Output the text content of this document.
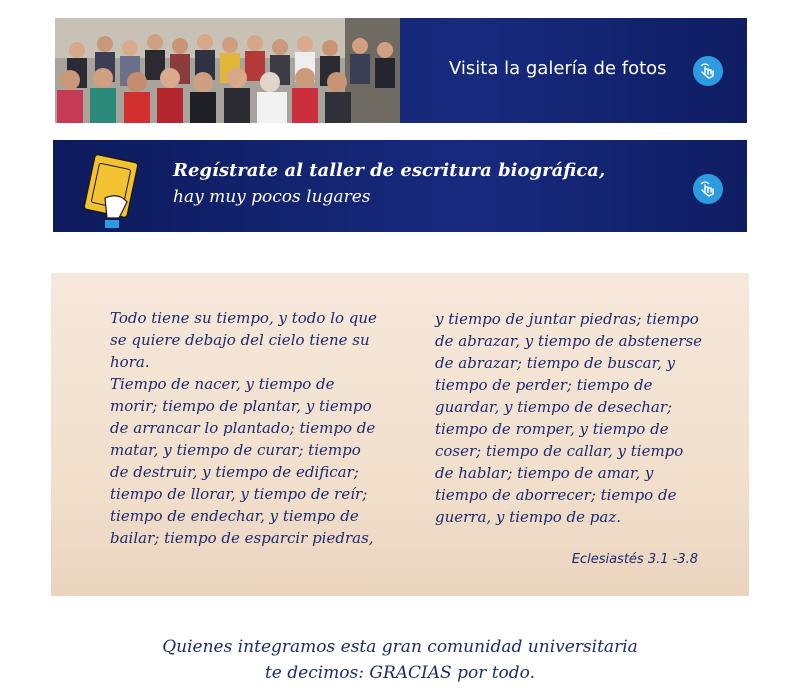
Visita la galería de fotos
Regístrate al taller de escritura biográfica,
hay muy pocos lugares
Todo tiene su tiempo, y todo lo que
se quiere debajo del cielo tiene su
hora.
Tiempo de nacer, y tiempo de
morir; tiempo de plantar, y tiempo
de arrancar lo plantado; tiempo de
matar, y tiempo de curar; tiempo
de destruir, y tiempo de edificar;
tiempo de llorar, y tiempo de reír;
tiempo de endechar, y tiempo de
bailar; tiempo de esparcir piedras,
y tiempo de juntar piedras; tiempo
de abrazar, y tiempo de abstenerse
de abrazar; tiempo de buscar, y
tiempo de perder; tiempo de
guardar, y tiempo de desechar;
tiempo de romper, y tiempo de
coser; tiempo de callar, y tiempo
de hablar; tiempo de amar, y
tiempo de aborrecer; tiempo de
guerra, y tiempo de paz.
Eclesiastés 3.1 -3.8
Quienes integramos esta gran comunidad universitaria
te decimos: GRACIAS por todo.
